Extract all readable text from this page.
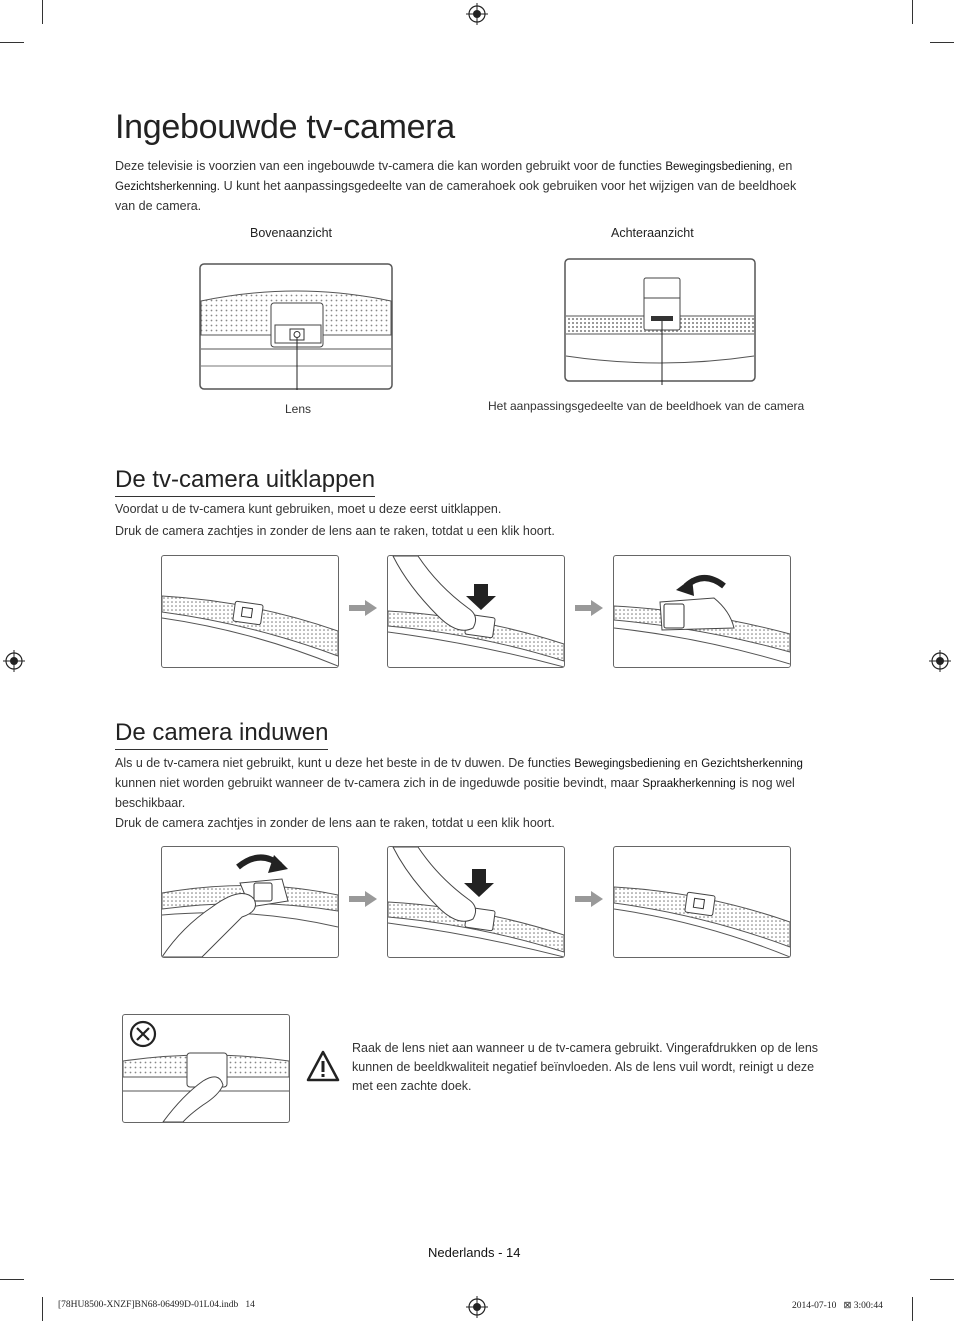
Ingebouwde tv-camera
Deze televisie is voorzien van een ingebouwde tv-camera die kan worden gebruikt voor de functies Bewegingsbediening, en
Gezichtsherkenning. U kunt het aanpassingsgedeelte van de camerahoek ook gebruiken voor het wijzigen van de beeldhoek
van de camera.
Bovenaanzicht	Achteraanzicht
Lens	Het aanpassingsgedeelte van de beeldhoek van de camera
De tv-camera uitklappen
Voordat u de tv-camera kunt gebruiken, moet u deze eerst uitklappen.
Druk de camera zachtjes in zonder de lens aan te raken, totdat u een klik hoort.
De camera induwen
Als u de tv-camera niet gebruikt, kunt u deze het beste in de tv duwen. De functies Bewegingsbediening en Gezichtsherkenning
kunnen niet worden gebruikt wanneer de tv-camera zich in de ingeduwde positie bevindt, maar Spraakherkenning is nog wel
beschikbaar.
Druk de camera zachtjes in zonder de lens aan te raken, totdat u een klik hoort.
Raak de lens niet aan wanneer u de tv-camera gebruikt. Vingerafdrukken op de lens
kunnen de beeldkwaliteit negatief beïnvloeden. Als de lens vuil wordt, reinigt u deze
met een zachte doek.
Nederlands - 14
[78HU8500-XNZF]BN68-06499D-01L04.indb   14	2014-07-10   ⊠ 3:00:44
